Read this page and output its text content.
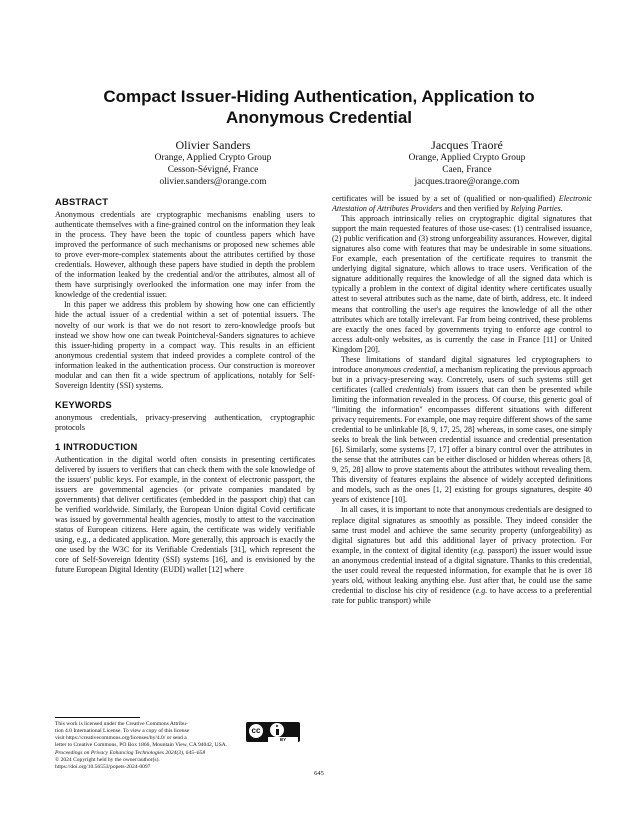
Compact Issuer-Hiding Authentication, Application to
Anonymous Credential
Olivier Sanders
Orange, Applied Crypto Group
Cesson-Sévigné, France
olivier.sanders@orange.com
Jacques Traoré
Orange, Applied Crypto Group
Caen, France
jacques.traore@orange.com
ABSTRACT

Anonymous credentials are cryptographic mechanisms enabling users to authenticate themselves with a fine-grained control on the information they leak in the process. They have been the topic of countless papers which have improved the performance of such mechanisms or proposed new schemes able to prove ever-more-complex statements about the attributes certified by those credentials. However, although these papers have studied in depth the problem of the information leaked by the credential and/or the attributes, almost all of them have surprisingly overlooked the information one may infer from the knowledge of the credential issuer.

In this paper we address this problem by showing how one can efficiently hide the actual issuer of a credential within a set of potential issuers. The novelty of our work is that we do not resort to zero-knowledge proofs but instead we show how one can tweak Pointcheval-Sanders signatures to achieve this issuer-hiding property in a compact way. This results in an efficient anonymous credential system that indeed provides a complete control of the information leaked in the authentication process. Our construction is moreover modular and can then fit a wide spectrum of applications, notably for Self-Sovereign Identity (SSI) systems.

KEYWORDS

anonymous credentials, privacy-preserving authentication, cryptographic protocols

1 INTRODUCTION

Authentication in the digital world often consists in presenting certificates delivered by issuers to verifiers that can check them with the sole knowledge of the issuers' public keys. For example, in the context of electronic passport, the issuers are governmental agencies (or private companies mandated by governments) that deliver certificates (embedded in the passport chip) that can be verified worldwide. Similarly, the European Union digital Covid certificate was issued by governmental health agencies, mostly to attest to the vaccination status of European citizens. Here again, the certificate was widely verifiable using, e.g., a dedicated application. More generally, this approach is exactly the one used by the W3C for its Verifiable Credentials [31], which represent the core of Self-Sovereign Identity (SSI) systems [16], and is envisioned by the future European Digital Identity (EUDI) wallet [12] where

certificates will be issued by a set of (qualified or non-qualified) Electronic Attestation of Attributes Providers and then verified by Relying Parties.

This approach intrinsically relies on cryptographic digital signatures that support the main requested features of those use-cases: (1) centralised issuance, (2) public verification and (3) strong unforgeability assurances. However, digital signatures also come with features that may be undesirable in some situations. For example, each presentation of the certificate requires to transmit the underlying digital signature, which allows to trace users. Verification of the signature additionally requires the knowledge of all the signed data which is typically a problem in the context of digital identity where certificates usually attest to several attributes such as the name, date of birth, address, etc. It indeed means that controlling the user's age requires the knowledge of all the other attributes which are totally irrelevant. Far from being contrived, these problems are exactly the ones faced by governments trying to enforce age control to access adult-only websites, as is currently the case in France [11] or United Kingdom [20].

These limitations of standard digital signatures led cryptographers to introduce anonymous credential, a mechanism replicating the previous approach but in a privacy-preserving way. Concretely, users of such systems still get certificates (called credentials) from issuers that can then be presented while limiting the information revealed in the process. Of course, this generic goal of "limiting the information" encompasses different situations with different privacy requirements. For example, one may require different shows of the same credential to be unlinkable [8, 9, 17, 25, 28] whereas, in some cases, one simply seeks to break the link between credential issuance and credential presentation [6]. Similarly, some systems [7, 17] offer a binary control over the attributes in the sense that the attributes can be either disclosed or hidden whereas others [8, 9, 25, 28] allow to prove statements about the attributes without revealing them. This diversity of features explains the absence of widely accepted definitions and models, such as the ones [1, 2] existing for groups signatures, despite 40 years of existence [10].

In all cases, it is important to note that anonymous credentials are designed to replace digital signatures as smoothly as possible. They indeed consider the same trust model and achieve the same security property (unforgeability) as digital signatures but add this additional layer of privacy protection. For example, in the context of digital identity (e.g. passport) the issuer would issue an anonymous credential instead of a digital signature. Thanks to this credential, the user could reveal the requested information, for example that he is over 18 years old, without leaking anything else. Just after that, he could use the same credential to disclose his city of residence (e.g. to have access to a preferential rate for public transport) while

This work is licensed under the Creative Commons Attribu-
tion 4.0 International License. To view a copy of this license
visit https://creativecommons.org/licenses/by/4.0/ or send a
letter to Creative Commons, PO Box 1866, Mountain View, CA 94042, USA.
Proceedings on Privacy Enhancing Technologies 2024(3), 645–658
© 2024 Copyright held by the owner/author(s).
https://doi.org/10.56553/popets-2024-0097
cc
BY
645
